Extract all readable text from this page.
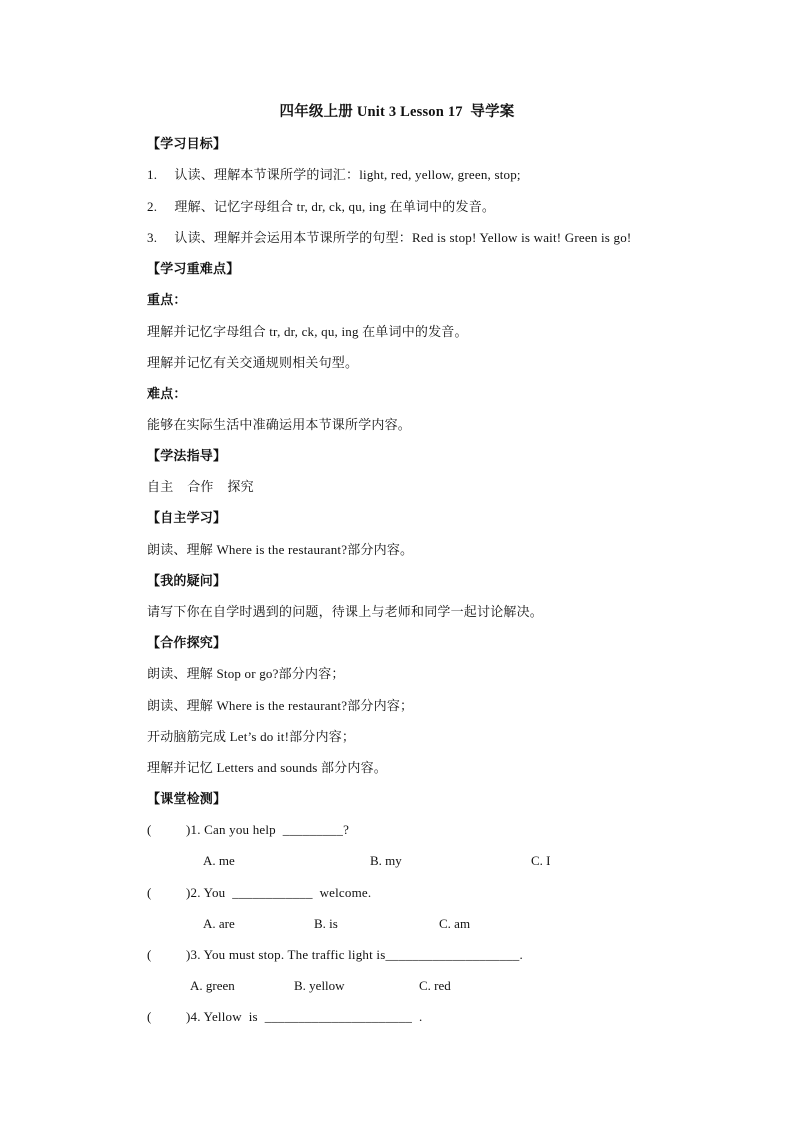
四年级上册 Unit 3 Lesson 17  导学案
【学习目标】
1.     认读、理解本节课所学的词汇：light, red, yellow, green, stop;
2.     理解、记忆字母组合 tr, dr, ck, qu, ing 在单词中的发音。
3.     认读、理解并会运用本节课所学的句型：Red is stop! Yellow is wait! Green is go!
【学习重难点】
重点：
理解并记忆字母组合 tr, dr, ck, qu, ing 在单词中的发音。
理解并记忆有关交通规则相关句型。
难点：
能够在实际生活中准确运用本节课所学内容。
【学法指导】
自主    合作    探究
【自主学习】
朗读、理解 Where is the restaurant?部分内容。
【我的疑问】
请写下你在自学时遇到的问题，待课上与老师和同学一起讨论解决。
【合作探究】
朗读、理解 Stop or go?部分内容；
朗读、理解 Where is the restaurant?部分内容；
开动脑筋完成 Let’s do it!部分内容；
理解并记忆 Letters and sounds 部分内容。
【课堂检测】
(          )1. Can you help  _________?
A. me	B. my	C. I
(          )2. You  ____________  welcome.
A. are	B. is	C. am
(          )3. You must stop. The traffic light is____________________.
A. green	B. yellow	C. red
(          )4. Yellow  is  ______________________  .
